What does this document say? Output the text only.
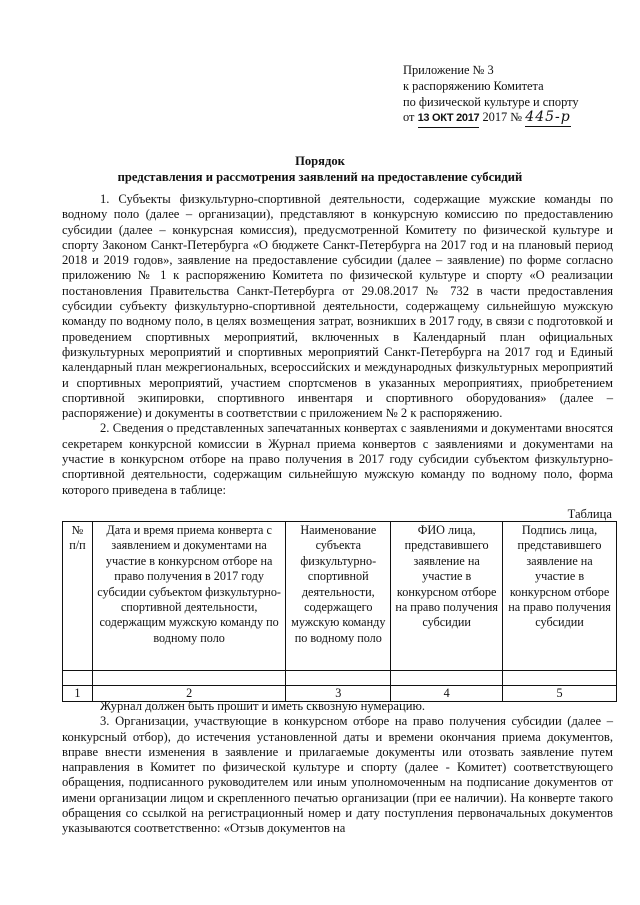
Приложение № 3
к распоряжению Комитета
по физической культуре и спорту
от 13 ОКТ 2017 2017 № 445-р
Порядок
представления и рассмотрения заявлений на предоставление субсидий

1. Субъекты физкультурно-спортивной деятельности, содержащие мужские команды по водному поло (далее – организации), представляют в конкурсную комиссию по предоставлению субсидии (далее – конкурсная комиссия), предусмотренной Комитету по физической культуре и спорту Законом Санкт-Петербурга «О бюджете Санкт-Петербурга на 2017 год и на плановый период 2018 и 2019 годов», заявление на предоставление субсидии (далее – заявление) по форме согласно приложению № 1 к распоряжению Комитета по физической культуре и спорту «О реализации постановления Правительства Санкт-Петербурга от 29.08.2017 № 732 в части предоставления субсидии субъекту физкультурно-спортивной деятельности, содержащему сильнейшую мужскую команду по водному поло, в целях возмещения затрат, возникших в 2017 году, в связи с подготовкой и проведением спортивных мероприятий, включенных в Календарный план официальных физкультурных мероприятий и спортивных мероприятий Санкт-Петербурга на 2017 год и Единый календарный план межрегиональных, всероссийских и международных физкультурных мероприятий и спортивных мероприятий, участием спортсменов в указанных мероприятиях, приобретением спортивной экипировки, спортивного инвентаря и спортивного оборудования» (далее – распоряжение) и документы в соответствии с приложением № 2 к распоряжению.

2. Сведения о представленных запечатанных конвертах с заявлениями и документами вносятся секретарем конкурсной комиссии в Журнал приема конвертов с заявлениями и документами на участие в конкурсном отборе на право получения в 2017 году субсидии субъектом физкультурно-спортивной деятельности, содержащим сильнейшую мужскую команду по водному поло, форма которого приведена в таблице:

Таблица
№ п/п	Дата и время приема конверта с заявлением и документами на участие в конкурсном отборе на право получения в 2017 году субсидии субъектом физкультурно-спортивной деятельности, содержащим мужскую команду по водному поло	Наименование субъекта физкультурно-спортивной деятельности, содержащего мужскую команду по водному поло	ФИО лица, представившего заявление на участие в конкурсном отборе на право получения субсидии	Подпись лица, представившего заявление на участие в конкурсном отборе на право получения субсидии

1	2	3	4	5

Журнал должен быть прошит и иметь сквозную нумерацию.

3. Организации, участвующие в конкурсном отборе на право получения субсидии (далее – конкурсный отбор), до истечения установленной даты и времени окончания приема документов, вправе внести изменения в заявление и прилагаемые документы или отозвать заявление путем направления в Комитет по физической культуре и спорту (далее - Комитет) соответствующего обращения, подписанного руководителем или иным уполномоченным на подписание документов от имени организации лицом и скрепленного печатью организации (при ее наличии). На конверте такого обращения со ссылкой на регистрационный номер и дату поступления первоначальных документов указываются соответственно: «Отзыв документов на
